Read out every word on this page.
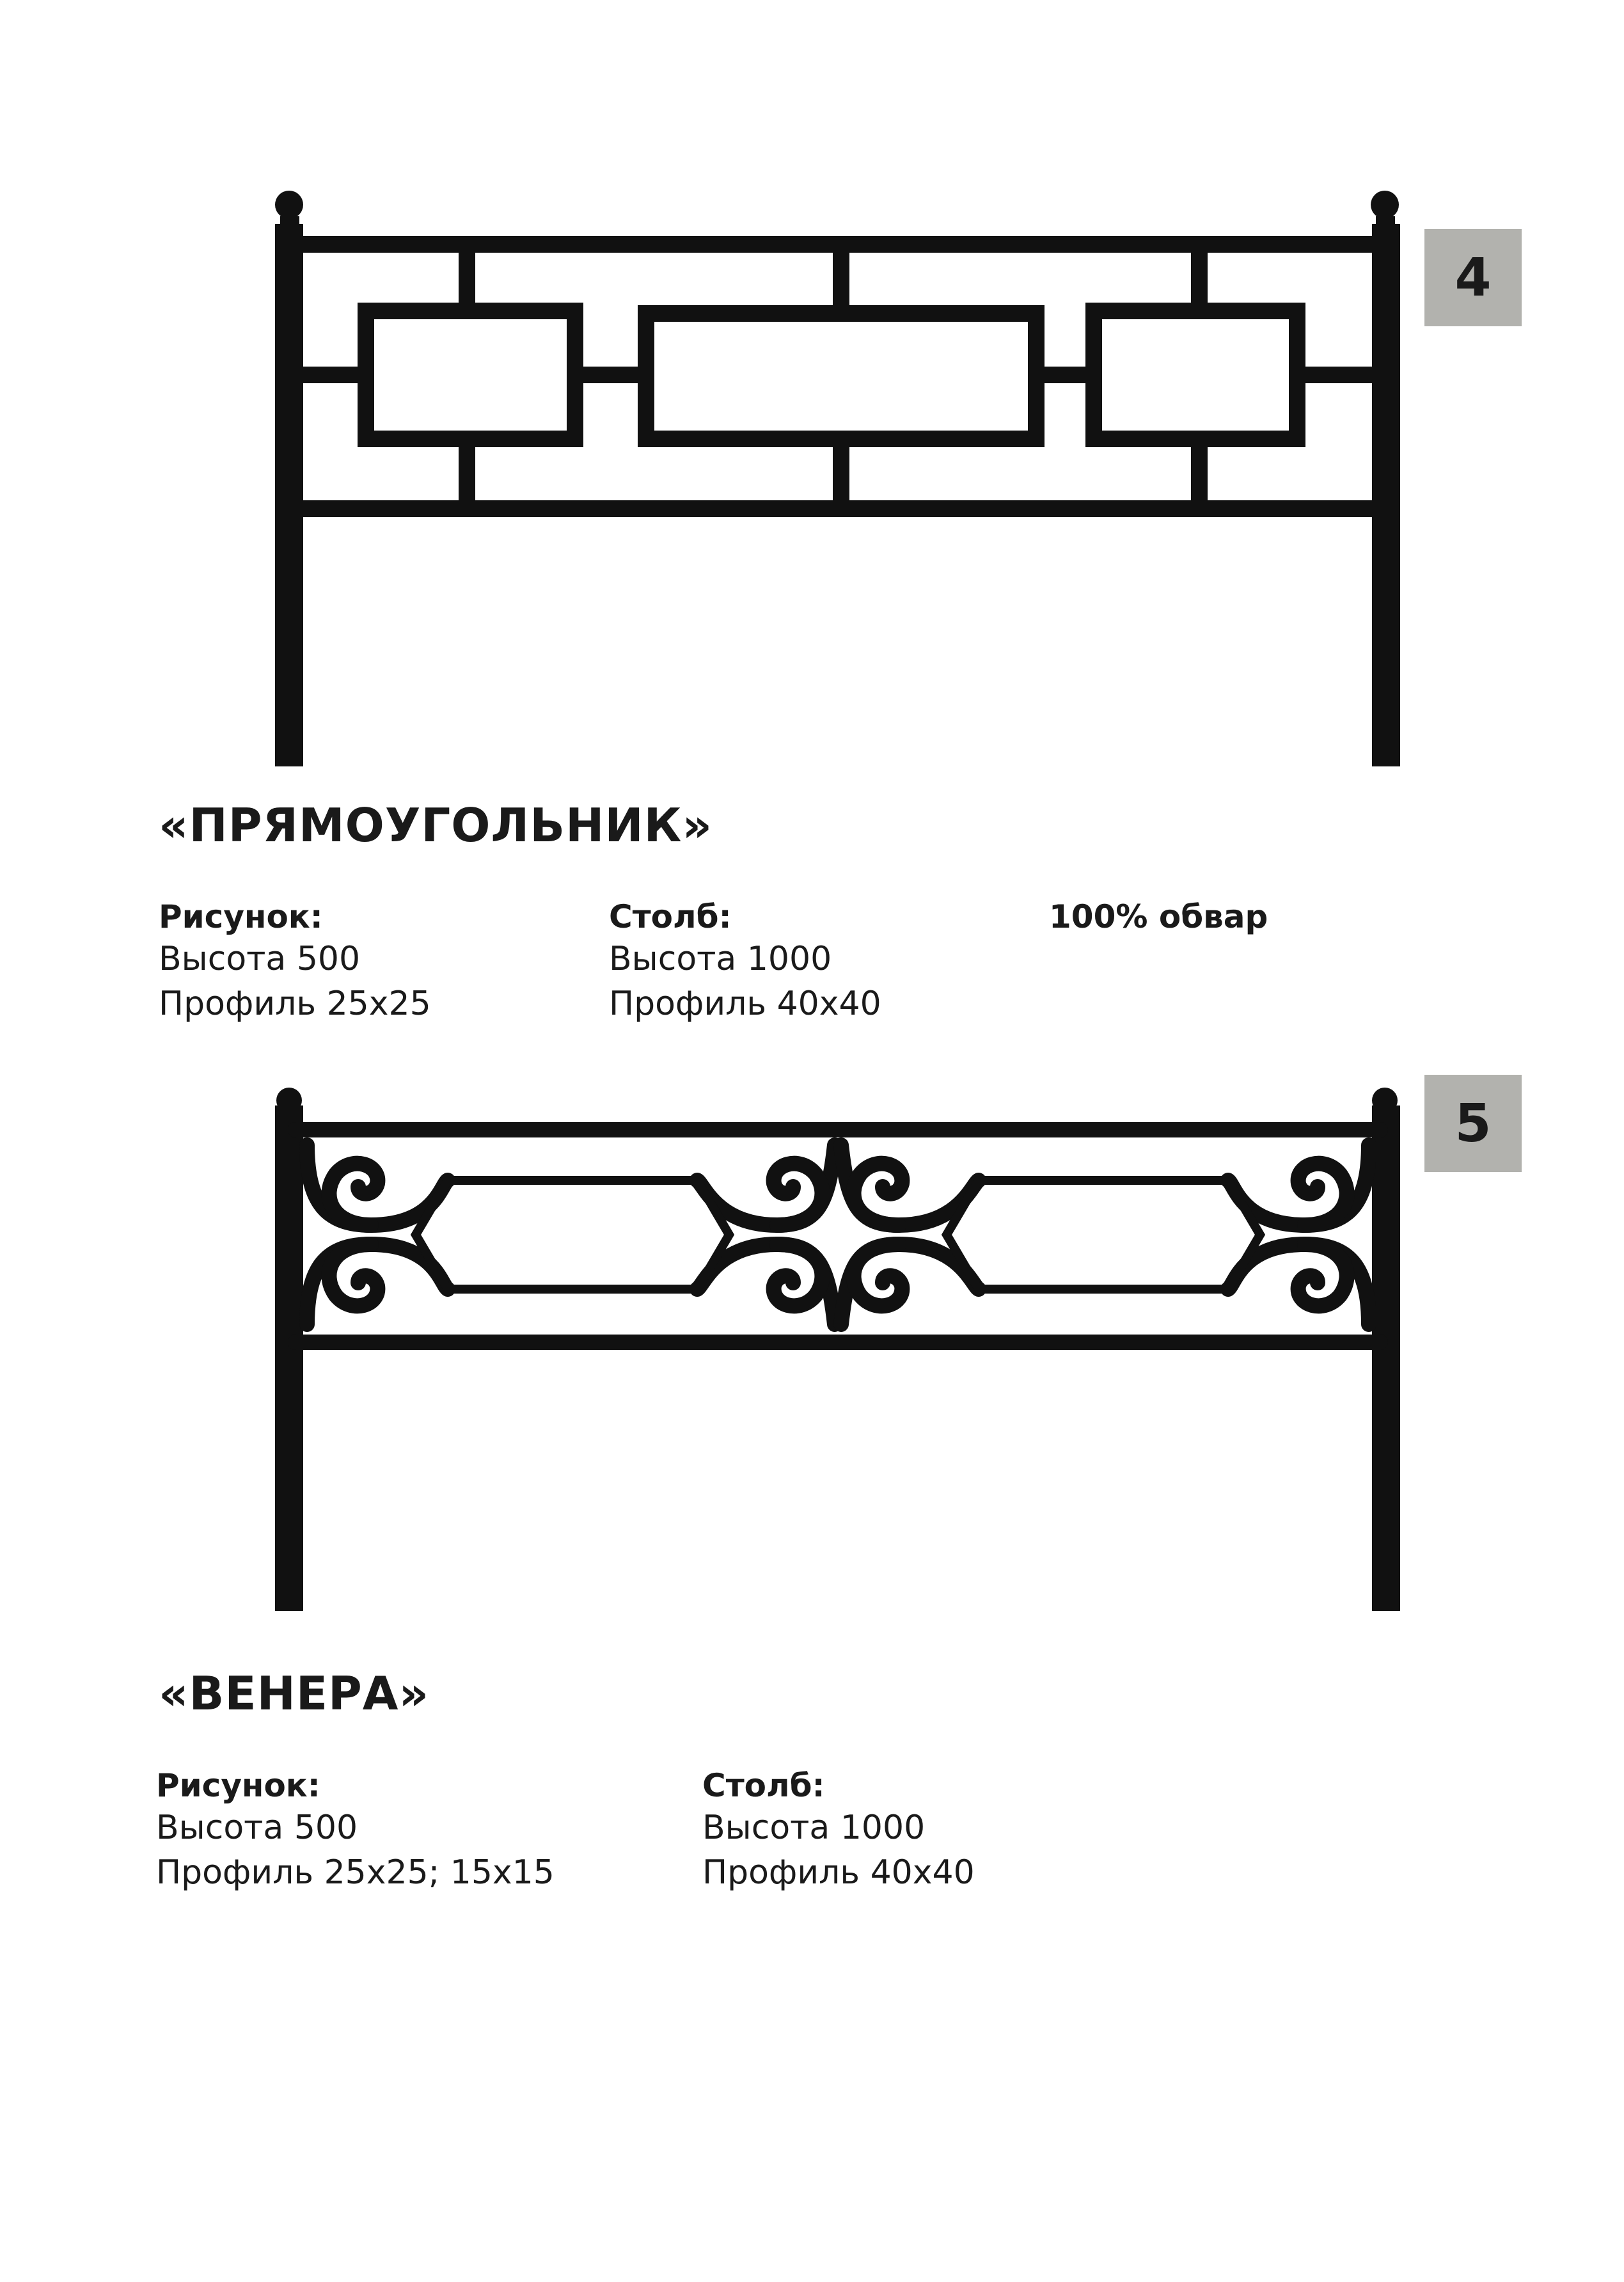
4
«ПРЯМОУГОЛЬНИК»
Рисунок:
Высота 500
Профиль 25x25
Столб:
Высота 1000
Профиль 40x40
100% обвар
5
«ВЕНЕРА»
Рисунок:
Высота 500
Профиль 25x25; 15x15
Столб:
Высота 1000
Профиль 40x40
